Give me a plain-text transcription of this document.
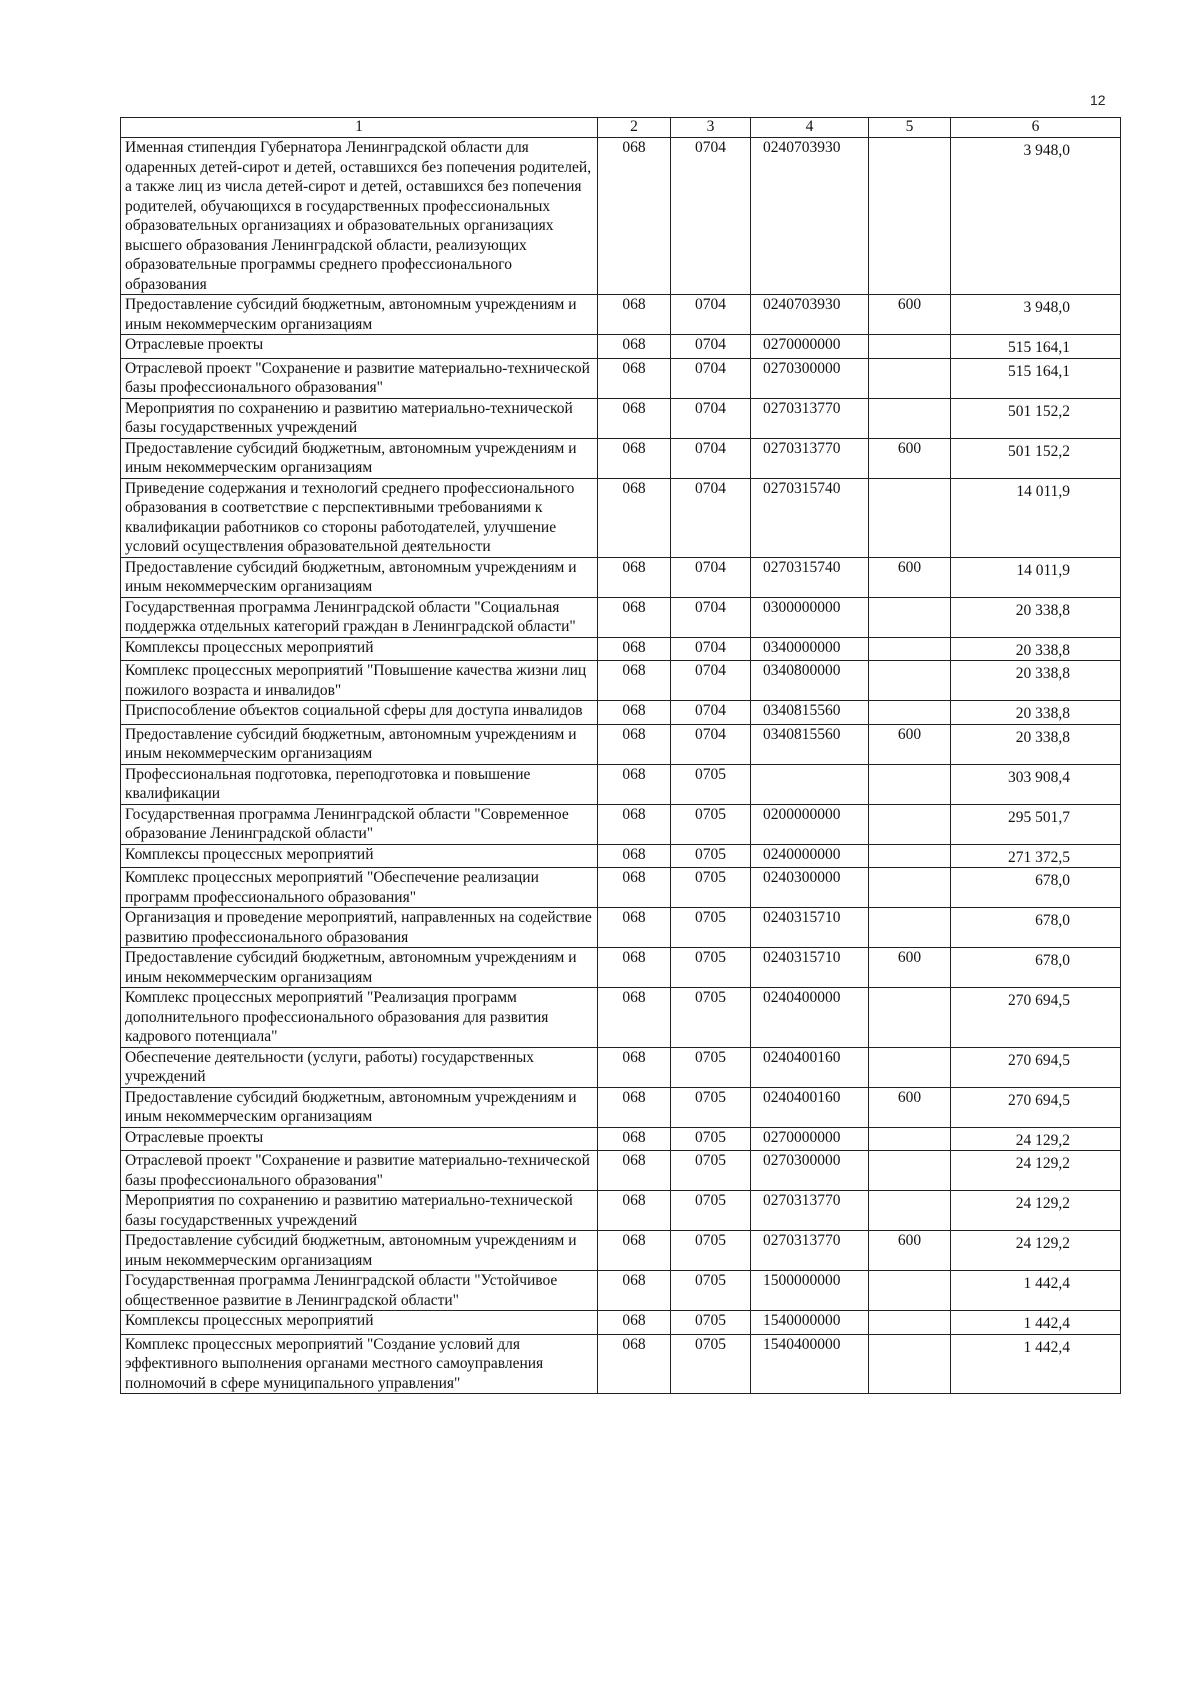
12
1	2	3	4	5	6
Именная стипендия Губернатора Ленинградской области для одаренных детей-сирот и детей, оставшихся без попечения родителей, а также лиц из числа детей-сирот и детей, оставшихся без попечения родителей, обучающихся в государственных профессиональных образовательных организациях и образовательных организациях высшего образования Ленинградской области, реализующих образовательные программы среднего профессионального образования	068	0704	0240703930		3 948,0
Предоставление субсидий бюджетным, автономным учреждениям и иным некоммерческим организациям	068	0704	0240703930	600	3 948,0
Отраслевые проекты	068	0704	0270000000		515 164,1
Отраслевой проект "Сохранение и развитие материально-технической базы профессионального образования"	068	0704	0270300000		515 164,1
Мероприятия по сохранению и развитию материально-технической базы государственных учреждений	068	0704	0270313770		501 152,2
Предоставление субсидий бюджетным, автономным учреждениям и иным некоммерческим организациям	068	0704	0270313770	600	501 152,2
Приведение содержания и технологий среднего профессионального образования в соответствие с перспективными требованиями к квалификации работников со стороны работодателей, улучшение условий осуществления образовательной деятельности	068	0704	0270315740		14 011,9
Предоставление субсидий бюджетным, автономным учреждениям и иным некоммерческим организациям	068	0704	0270315740	600	14 011,9
Государственная программа Ленинградской области "Социальная поддержка отдельных категорий граждан в Ленинградской области"	068	0704	0300000000		20 338,8
Комплексы процессных мероприятий	068	0704	0340000000		20 338,8
Комплекс процессных мероприятий "Повышение качества жизни лиц пожилого возраста и инвалидов"	068	0704	0340800000		20 338,8
Приспособление объектов социальной сферы для доступа инвалидов	068	0704	0340815560		20 338,8
Предоставление субсидий бюджетным, автономным учреждениям и иным некоммерческим организациям	068	0704	0340815560	600	20 338,8
Профессиональная подготовка, переподготовка и повышение квалификации	068	0705			303 908,4
Государственная программа Ленинградской области "Современное образование Ленинградской области"	068	0705	0200000000		295 501,7
Комплексы процессных мероприятий	068	0705	0240000000		271 372,5
Комплекс процессных мероприятий "Обеспечение реализации программ профессионального образования"	068	0705	0240300000		678,0
Организация и проведение мероприятий, направленных на содействие развитию профессионального образования	068	0705	0240315710		678,0
Предоставление субсидий бюджетным, автономным учреждениям и иным некоммерческим организациям	068	0705	0240315710	600	678,0
Комплекс процессных мероприятий "Реализация программ дополнительного профессионального образования для развития кадрового потенциала"	068	0705	0240400000		270 694,5
Обеспечение деятельности (услуги, работы) государственных учреждений	068	0705	0240400160		270 694,5
Предоставление субсидий бюджетным, автономным учреждениям и иным некоммерческим организациям	068	0705	0240400160	600	270 694,5
Отраслевые проекты	068	0705	0270000000		24 129,2
Отраслевой проект "Сохранение и развитие материально-технической базы профессионального образования"	068	0705	0270300000		24 129,2
Мероприятия по сохранению и развитию материально-технической базы государственных учреждений	068	0705	0270313770		24 129,2
Предоставление субсидий бюджетным, автономным учреждениям и иным некоммерческим организациям	068	0705	0270313770	600	24 129,2
Государственная программа Ленинградской области "Устойчивое общественное развитие в Ленинградской области"	068	0705	1500000000		1 442,4
Комплексы процессных мероприятий	068	0705	1540000000		1 442,4
Комплекс процессных мероприятий "Создание условий для эффективного выполнения органами местного самоуправления полномочий в сфере муниципального управления"	068	0705	1540400000		1 442,4
